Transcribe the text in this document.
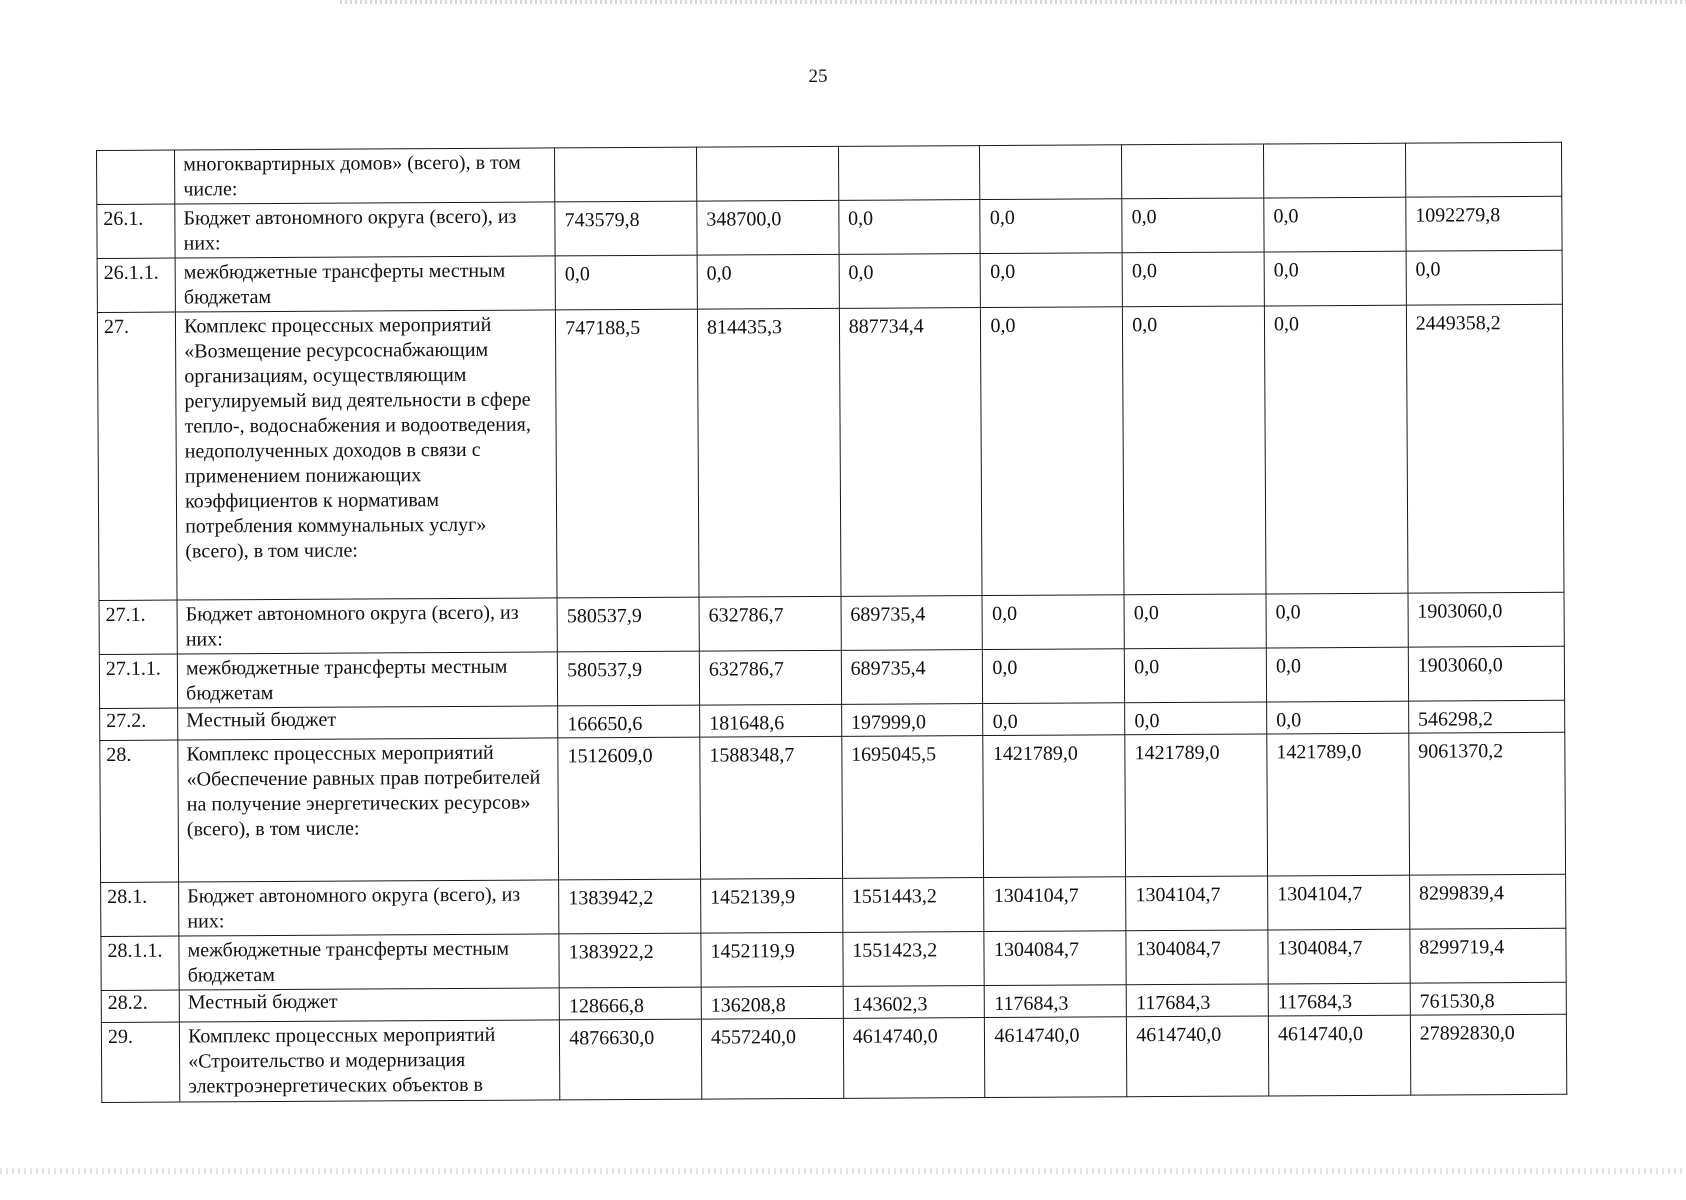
25
	многоквартирных домов» (всего), в том числе:							
26.1.	Бюджет автономного округа (всего), из них:	743579,8	348700,0	0,0	0,0	0,0	0,0	1092279,8
26.1.1.	межбюджетные трансферты местным бюджетам	0,0	0,0	0,0	0,0	0,0	0,0	0,0
27.	Комплекс процессных мероприятий «Возмещение ресурсоснабжающим организациям, осуществляющим регулируемый вид деятельности в сфере тепло-, водоснабжения и водоотведения, недополученных доходов в связи с применением понижающих коэффициентов к нормативам потребления коммунальных услуг» (всего), в том числе:	747188,5	814435,3	887734,4	0,0	0,0	0,0	2449358,2
27.1.	Бюджет автономного округа (всего), из них:	580537,9	632786,7	689735,4	0,0	0,0	0,0	1903060,0
27.1.1.	межбюджетные трансферты местным бюджетам	580537,9	632786,7	689735,4	0,0	0,0	0,0	1903060,0
27.2.	Местный бюджет	166650,6	181648,6	197999,0	0,0	0,0	0,0	546298,2
28.	Комплекс процессных мероприятий «Обеспечение равных прав потребителей на получение энергетических ресурсов» (всего), в том числе:	1512609,0	1588348,7	1695045,5	1421789,0	1421789,0	1421789,0	9061370,2
28.1.	Бюджет автономного округа (всего), из них:	1383942,2	1452139,9	1551443,2	1304104,7	1304104,7	1304104,7	8299839,4
28.1.1.	межбюджетные трансферты местным бюджетам	1383922,2	1452119,9	1551423,2	1304084,7	1304084,7	1304084,7	8299719,4
28.2.	Местный бюджет	128666,8	136208,8	143602,3	117684,3	117684,3	117684,3	761530,8
29.	Комплекс процессных мероприятий «Строительство и модернизация электроэнергетических объектов в	4876630,0	4557240,0	4614740,0	4614740,0	4614740,0	4614740,0	27892830,0
